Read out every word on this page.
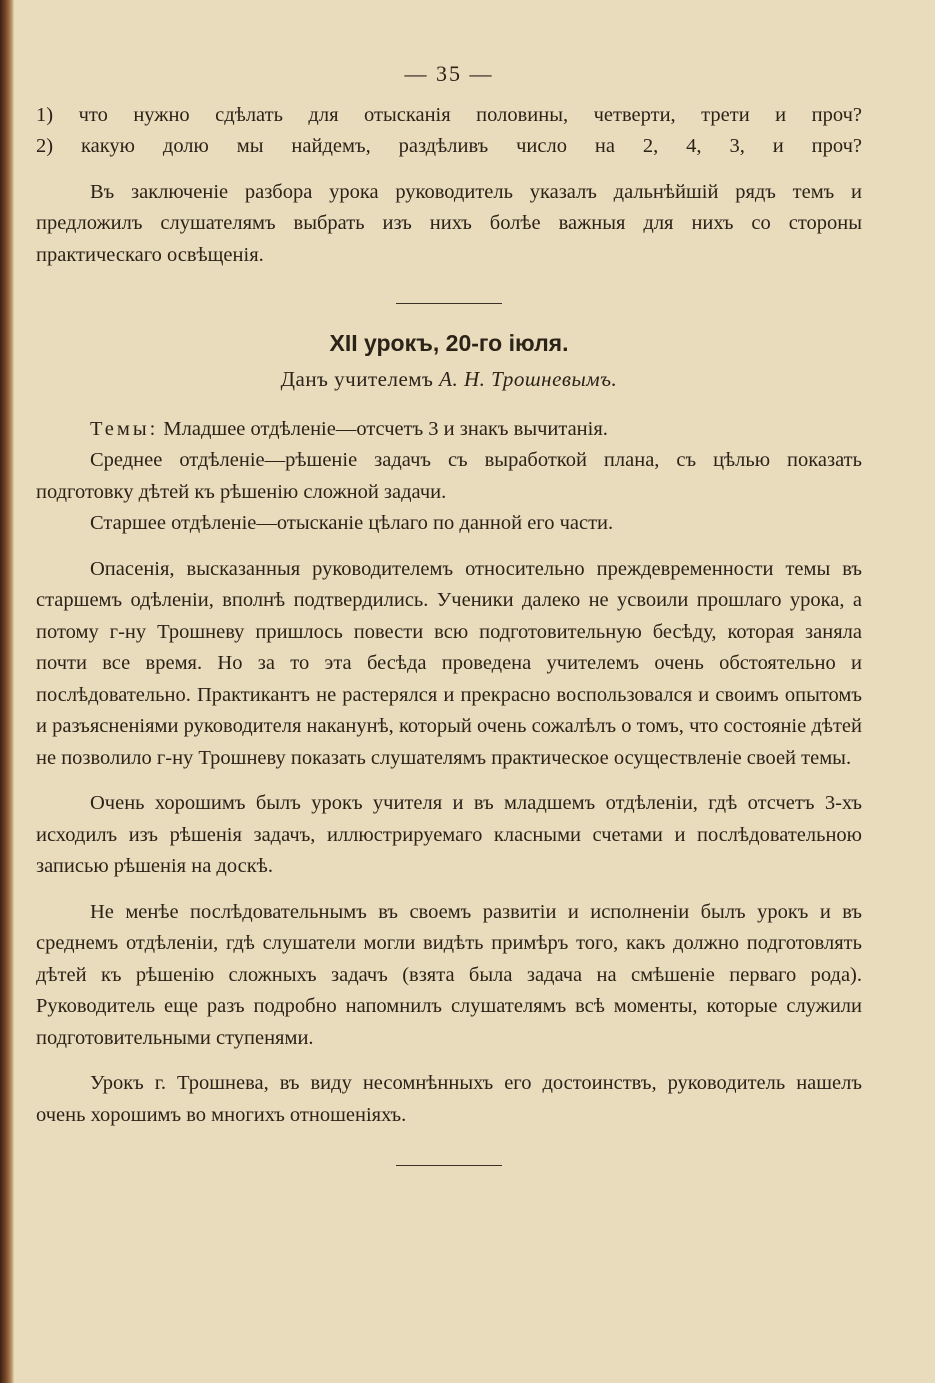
— 35 —
1) что нужно сдѣлать для отысканія половины, четверти, трети и проч?
2) какую долю мы найдемъ, раздѣливъ число на 2, 4, 3, и проч?

Въ заключеніе разбора урока руководитель указалъ дальнѣйшій рядъ темъ и предложилъ слушателямъ выбрать изъ нихъ болѣе важныя для нихъ со стороны практическаго освѣщенія.

XII урокъ, 20-го іюля.
Данъ учителемъ А. Н. Трошневымъ.

Темы: Младшее отдѣленіе—отсчетъ 3 и знакъ вычитанія.

Среднее отдѣленіе—рѣшеніе задачъ съ выработкой плана, съ цѣлью показать подготовку дѣтей къ рѣшенію сложной задачи.

Старшее отдѣленіе—отысканіе цѣлаго по данной его части.

Опасенія, высказанныя руководителемъ относительно преждевременности темы въ старшемъ одѣленіи, вполнѣ подтвердились. Ученики далеко не усвоили прошлаго урока, а потому г-ну Трошневу пришлось повести всю подготовительную бесѣду, которая заняла почти все время. Но за то эта бесѣда проведена учителемъ очень обстоятельно и послѣдовательно. Практикантъ не растерялся и прекрасно воспользовался и своимъ опытомъ и разъясненіями руководителя наканунѣ, который очень сожалѣлъ о томъ, что состояніе дѣтей не позволило г-ну Трошневу показать слушателямъ практическое осуществленіе своей темы.

Очень хорошимъ былъ урокъ учителя и въ младшемъ отдѣленіи, гдѣ отсчетъ 3-хъ исходилъ изъ рѣшенія задачъ, иллюстрируемаго класными счетами и послѣдовательною записью рѣшенія на доскѣ.

Не менѣе послѣдовательнымъ въ своемъ развитіи и исполненіи былъ урокъ и въ среднемъ отдѣленіи, гдѣ слушатели могли видѣть примѣръ того, какъ должно подготовлять дѣтей къ рѣшенію сложныхъ задачъ (взята была задача на смѣшеніе перваго рода). Руководитель еще разъ подробно напомнилъ слушателямъ всѣ моменты, которые служили подготовительными ступенями.

Урокъ г. Трошнева, въ виду несомнѣнныхъ его достоинствъ, руководитель нашелъ очень хорошимъ во многихъ отношеніяхъ.
